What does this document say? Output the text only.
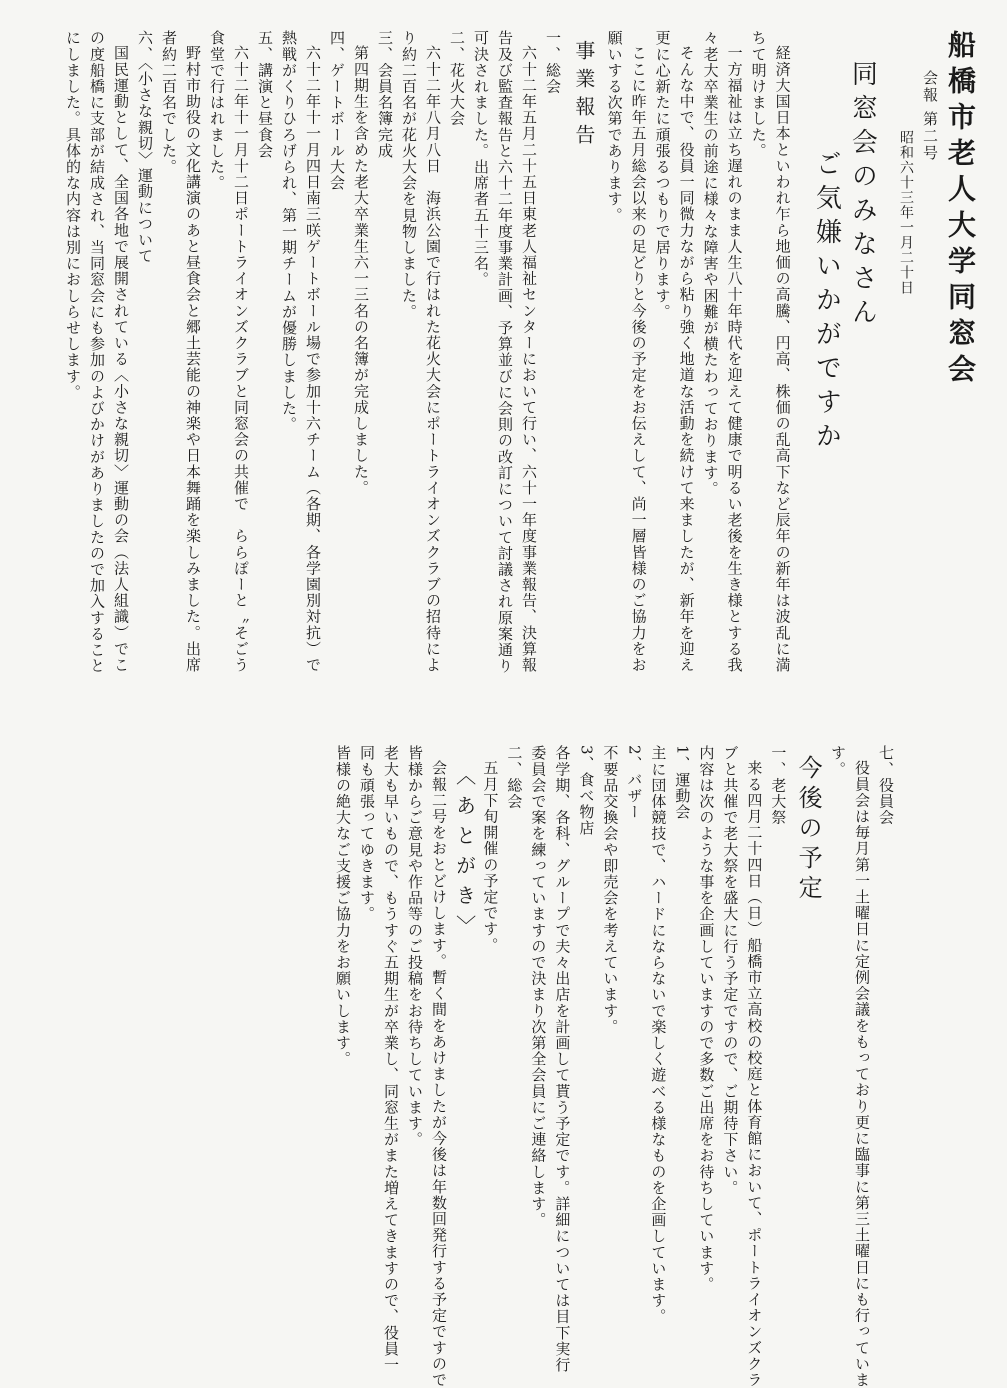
船橋市老人大学同窓会
会報 第二号
昭和六十三年一月二十日
同窓会のみなさん
ご気嫌いかがですか
経済大国日本といわれ乍ら地価の高騰、円高、株価の乱高下など辰年の新年は波乱に満
ちて明けました。
一方福祉は立ち遅れのまま人生八十年時代を迎えて健康で明るい老後を生き様とする我
々老大卒業生の前途に様々な障害や困難が横たわっております。
そんな中で、役員一同微力ながら粘り強く地道な活動を続けて来ましたが、新年を迎え
更に心新たに頑張るつもりで居ります。
ここに昨年五月総会以来の足どりと今後の予定をお伝えして、尚一層皆様のご協力をお
願いする次第であります。
事業報告
一、総会
六十二年五月二十五日東老人福祉センターにおいて行い、六十一年度事業報告、決算報
告及び監査報告と六十二年度事業計画、予算並びに会則の改訂について討議され原案通り
可決されました。出席者五十三名。
二、花火大会
六十二年八月八日　海浜公園で行はれた花火大会にポートライオンズクラブの招待によ
り約二百名が花火大会を見物しました。
三、会員名簿完成
第四期生を含めた老大卒業生六一三名の名簿が完成しました。
四、ゲートボール大会
六十二年十一月四日南三咲ゲートボール場で参加十六チーム（各期、各学園別対抗）で
熱戦がくりひろげられ、第一期チームが優勝しました。
五、講演と昼食会
六十二年十一月十二日ポートライオンズクラブと同窓会の共催で　ららぽーと〝そごう
食堂で行はれました。
野村市助役の文化講演のあと昼食会と郷土芸能の神楽や日本舞踊を楽しみました。出席
者約二百名でした。
六、〈小さな親切〉運動について
国民運動として、全国各地で展開されている〈小さな親切〉運動の会（法人組識）でこ
の度船橋に支部が結成され、当同窓会にも参加のよびかけがありましたので加入すること
にしました。具体的な内容は別におしらせします。
七、役員会
役員会は毎月第一土曜日に定例会議をもっており更に臨事に第三土曜日にも行っていま
す。
今後の予定
一、老大祭
来る四月二十四日（日）船橋市立高校の校庭と体育館において、ポートライオンズクラ
ブと共催で老大祭を盛大に行う予定ですので、ご期待下さい。
内容は次のような事を企画していますので多数ご出席をお待ちしています。
1、運動会
主に団体競技で、ハードにならないで楽しく遊べる様なものを企画しています。
2、バザー
不要品交換会や即売会を考えています。
3、食べ物店
各学期、各科、グループで夫々出店を計画して貰う予定です。詳細については目下実行
委員会で案を練っていますので決まり次第全会員にご連絡します。
二、総会
五月下旬開催の予定です。
〈あとがき〉
会報二号をおとどけします。暫く間をあけましたが今後は年数回発行する予定ですので
皆様からご意見や作品等のご投稿をお待ちしています。
老大も早いもので、もうすぐ五期生が卒業し、同窓生がまた増えてきますので、役員一
同も頑張ってゆきます。
皆様の絶大なご支援ご協力をお願いします。
